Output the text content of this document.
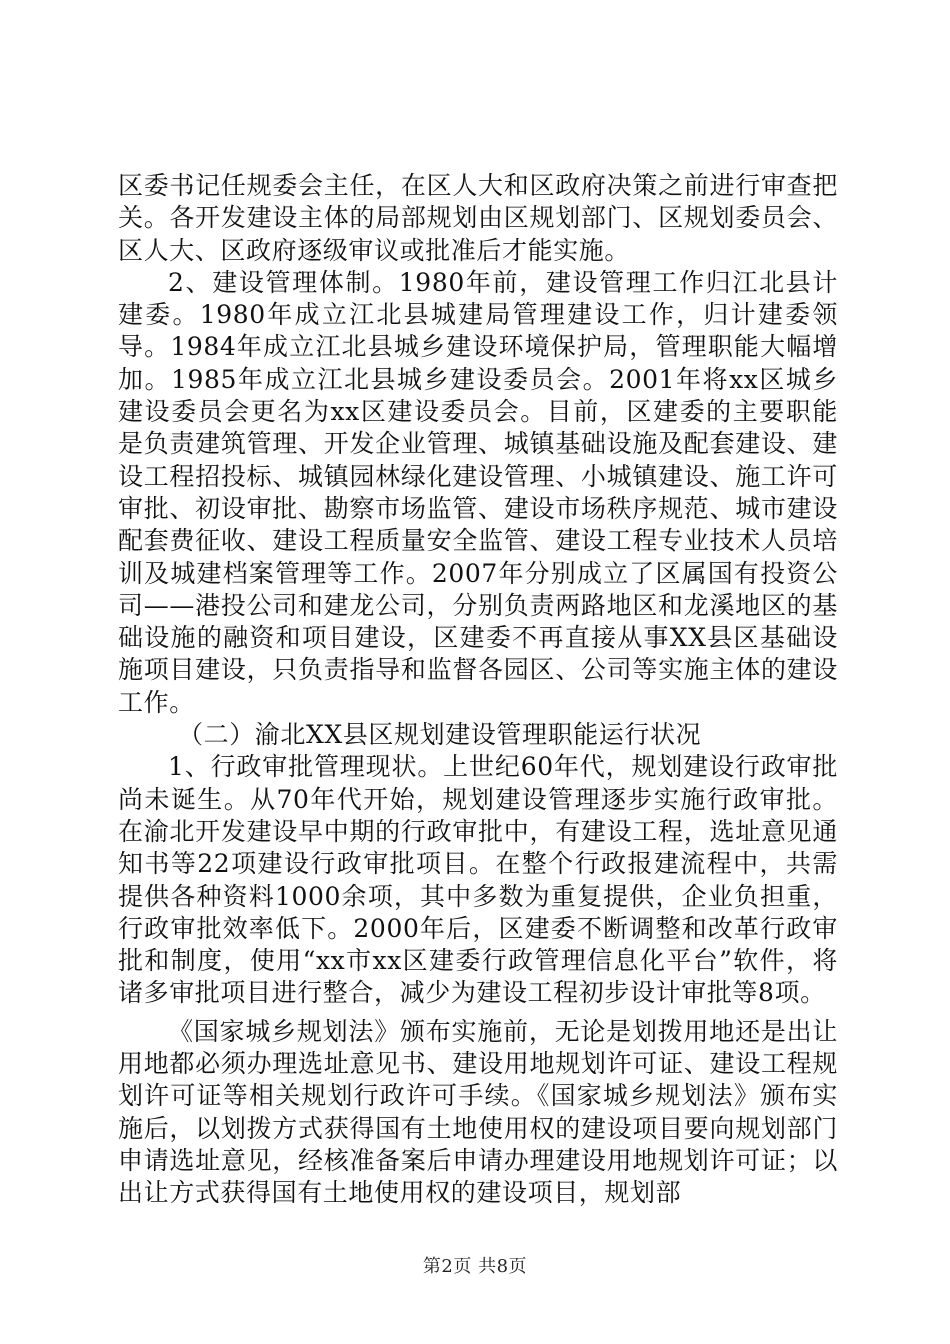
区委书记任规委会主任，在区人大和区政府决策之前进行审查把关。各开发建设主体的局部规划由区规划部门、区规划委员会、区人大、区政府逐级审议或批准后才能实施。

2、建设管理体制。1980年前，建设管理工作归江北县计建委。1980年成立江北县城建局管理建设工作，归计建委领导。1984年成立江北县城乡建设环境保护局，管理职能大幅增加。1985年成立江北县城乡建设委员会。2001年将xx区城乡建设委员会更名为xx区建设委员会。目前，区建委的主要职能是负责建筑管理、开发企业管理、城镇基础设施及配套建设、建设工程招投标、城镇园林绿化建设管理、小城镇建设、施工许可审批、初设审批、勘察市场监管、建设市场秩序规范、城市建设配套费征收、建设工程质量安全监管、建设工程专业技术人员培训及城建档案管理等工作。2007年分别成立了区属国有投资公司——港投公司和建龙公司，分别负责两路地区和龙溪地区的基础设施的融资和项目建设，区建委不再直接从事XX县区基础设施项目建设，只负责指导和监督各园区、公司等实施主体的建设工作。

（二）渝北XX县区规划建设管理职能运行状况

1、行政审批管理现状。上世纪60年代，规划建设行政审批尚未诞生。从70年代开始，规划建设管理逐步实施行政审批。在渝北开发建设早中期的行政审批中，有建设工程，选址意见通知书等22项建设行政审批项目。在整个行政报建流程中，共需提供各种资料1000余项，其中多数为重复提供，企业负担重，行政审批效率低下。2000年后，区建委不断调整和改革行政审批和制度，使用“xx市xx区建委行政管理信息化平台”软件，将诸多审批项目进行整合，减少为建设工程初步设计审批等8项。

《国家城乡规划法》颁布实施前，无论是划拨用地还是出让用地都必须办理选址意见书、建设用地规划许可证、建设工程规划许可证等相关规划行政许可手续。《国家城乡规划法》颁布实施后，以划拨方式获得国有土地使用权的建设项目要向规划部门申请选址意见，经核准备案后申请办理建设用地规划许可证；以出让方式获得国有土地使用权的建设项目，规划部

第2页 共8页
